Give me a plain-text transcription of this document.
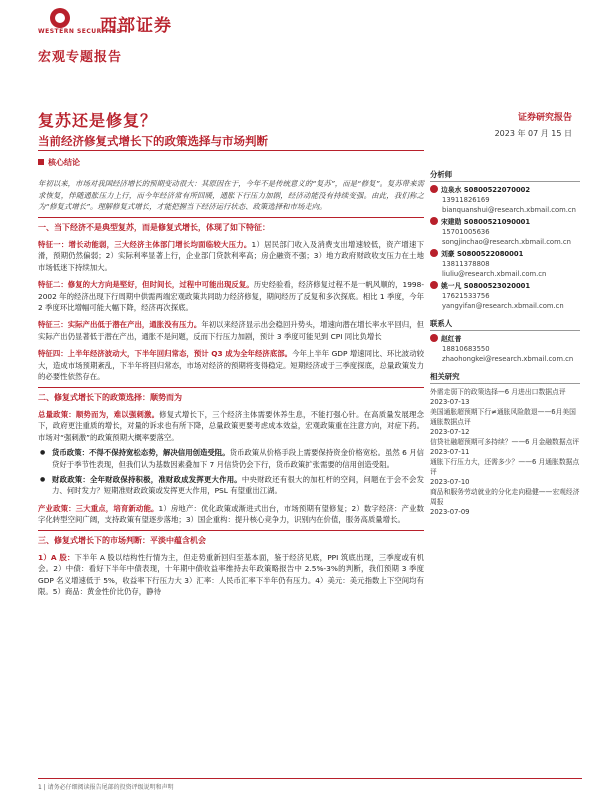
WESTERN SECURITIES
西部证券
宏观专题报告
复苏还是修复？
当前经济修复式增长下的政策选择与市场判断
证券研究报告
2023 年 07 月 15 日
核心结论

年初以来，市场对我国经济增长的预期变动很大：其原因在于，今年不是传统意义的“复苏”，而是“修复”。复苏带来需求恢复，伴随通胀压力上行，而今年经济常有所回暖，通胀下行压力加剧，经济动能没有持续变强。由此，我们称之为“修复式增长”。理解修复式增长，才能把握当下经济运行状态、政策选择和市场走向。

一、当下经济不是典型复苏，而是修复式增长，体现了如下特征：

特征一：增长动能弱，三大经济主体部门增长均面临较大压力。1）居民部门收入及消费支出增速较低，资产增速下滑，预期仍然偏弱；2）实际利率显著上行，企业部门贷款利率高；房企融资不强；3）地方政府财政收支压力在土地市场低迷下持续加大。

特征二：修复的大方向是堅好，但时间长，过程中可能出现反复。历史经验看，经济修复过程不是一帆风顺的，1998-2002 年的经济出现下行周期中供需两端宏观政策共同助力经济修复，期间经历了反复和多次探底。相比 1 季度，今年 2 季度环比增幅可能大幅下降，经济再次探底。

特征三：实际产出低于潜在产出，通胀没有压力。年初以来经济显示出会稳回升势头，增速向潜在增长率水平回归，但实际产出仍显著低于潜在产出，通胀不是问题，反而下行压力加剧，预计 3 季度可能见到 CPI 同比负增长

特征四：上半年经济波动大，下半年回归常态，预计 Q3 成为全年经济底部。今年上半年 GDP 增速同比、环比波动较大，造成市场预期紊乱，下半年将回归常态，市场对经济的预期将变得稳定。短期经济或于三季度探底，总量政策发力的必要性依然存在。

二、修复式增长下的政策选择：顺势而为

总量政策：顺势而为，难以强刺激。修复式增长下，三个经济主体需要休养生息，不能打强心针。在高质量发展理念下，政府更注重质的增长，对量的诉求也有所下降，总量政策更要考虑成本效益，宏观政策重在注意方向，对症下药。市场对“强刺激”的政策预期大概率要落空。

● 货币政策：不得不保持宽松态势，解决信用创造受阻。货币政策从价格手段上需要保持资金价格宽松。虽然 6 月信贷好于季节性表现，但我们认为基数因素叠加下 7 月信贷仍会下行，货币政策扩张需要的信用创造受阻。

● 财政政策：全年财政保持积极，准财政成发挥更大作用。中央财政还有很大的加杠杆的空间，问题在于会不会发力、何时发力？短期准财政政策或发挥更大作用，PSL 有望重出江湖。

产业政策：三大重点，培育新动能。1）房地产：优化政策或渐进式出台，市场预期有望修复；2）数字经济：产业数字化转型空间广阔，支持政策有望逐步落地；3）国企重构：提升核心竞争力，识别内在价值，服务高质量增长。

三、修复式增长下的市场判断：平淡中蕴含机会

1）A 股：下半年 A 股以结构性行情为主，但走势重新回归至基本面，鉴于经济见底，PPI 筑底出现，三季度或有机会。2）中债：看好下半年中债表现，十年期中债收益率维持去年政策略报告中 2.5%-3%的判断，我们预期 3 季度 GDP 名义增速低于 5%，收益率下行压力大 3）汇率：人民币汇率下半年仍有压力。4）美元：美元指数上下空间均有限。5）商品：黄金性价比仍存，静待

分析师
边泉水 S0800522070002
13911826169
bianquanshui@research.xbmail.com.cn
宋建勋 S0800521090001
15701005636
songjinchao@research.xbmail.com.cn
刘豪 S0800522080001
13811378808
liuliu@research.xbmail.com.cn
姚一凡 S0800523020001
17621533756
yangyifan@research.xbmail.com.cn
联系人
赵红普
18810683550
zhaohongkei@research.xbmail.com.cn
相关研究
外需走弱下的政策选择—6 月进出口数据点评
2023-07-13
美国通胀超预期下行≠通胀风险散退——6月美国通胀数据点评
2023-07-12
信贷社融超预期可多持续？——6 月金融数据点评
2023-07-11
通胀下行压力大，还需多少？——6 月通胀数据点评
2023-07-10
商品和服务劳动就业的分化走向稳健——宏观经济周报
2023-07-09
1 | 请务必仔细阅读报告尾部的投资评级说明和声明
